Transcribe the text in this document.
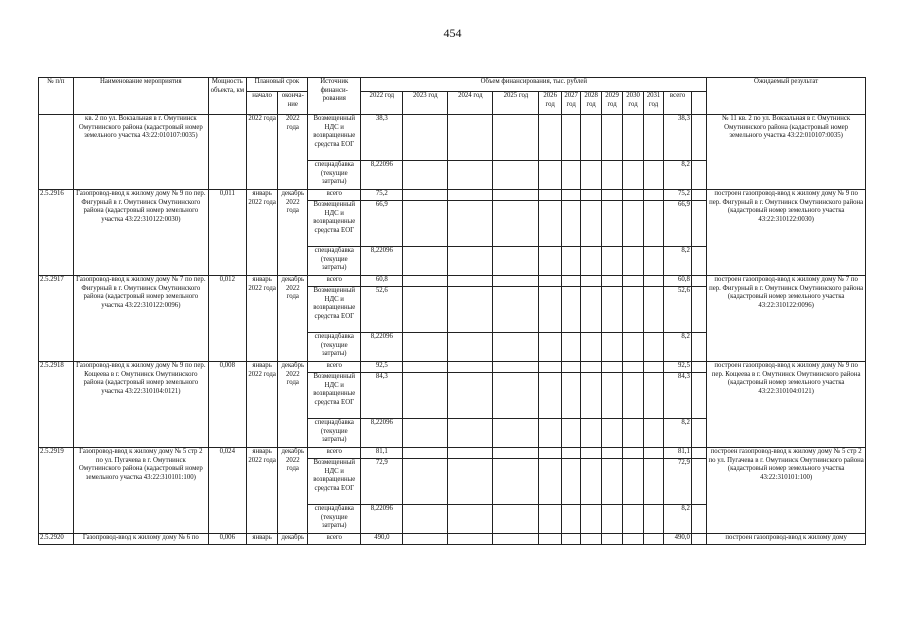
454
№ п/п	Наименование мероприятия	Мощность объекта, км	Плановый срок		Источник финанси-рования	Объем финансирования, тыс. рублей												Ожидаемый результат
			начало	оконча-ние		2022 год	2023 год	2024 год	2025 год	2026 год	2027 год	2028 год	2029 год	2030 год	2031 год	всего		
	кв. 2 по ул. Вокзальная в г. Омутнинск Омутнинского района (кадастровый номер земельного участка 43:22:010107:0035)		2022 года	2022 года	Возмещенный НДС и возвращенные средства ЕОГ	38,3										38,3		№ 11 кв. 2 по ул. Вокзальная в г. Омутнинск Омутнинского района (кадастровый номер земельного участка 43:22:010107:0035)
					спецнадбавка (текущие затраты)	8,22096										8,2		
2.5.2916	Газопровод-ввод к жилому дому № 9 по пер. Фигурный в г. Омутнинск Омутнинского района (кадастровый номер земельного участка 43:22:310122:0030)	0,011	январь 2022 года	декабрь 2022 года	всего	75,2										75,2		построен газопровод-ввод к жилому дому № 9 по пер. Фигурный в г. Омутнинск Омутнинского района (кадастровый номер земельного участка 43:22:310122:0030)
					Возмещенный НДС и возвращенные средства ЕОГ	66,9										66,9		
					спецнадбавка (текущие затраты)	8,22096										8,2		
2.5.2917	Газопровод-ввод к жилому дому № 7 по пер. Фигурный в г. Омутнинск Омутнинского района (кадастровый номер земельного участка 43:22:310122:0096)	0,012	январь 2022 года	декабрь 2022 года	всего	60,8										60,8		построен газопровод-ввод к жилому дому № 7 по пер. Фигурный в г. Омутнинск Омутнинского района (кадастровый номер земельного участка 43:22:310122:0096)
					Возмещенный НДС и возвращенные средства ЕОГ	52,6										52,6		
					спецнадбавка (текущие затраты)	8,22096										8,2		
2.5.2918	Газопровод-ввод к жилому дому № 9 по пер. Кощеева в г. Омутнинск Омутнинского района (кадастровый номер земельного участка 43:22:310104:0121)	0,008	январь 2022 года	декабрь 2022 года	всего	92,5										92,5		построен газопровод-ввод к жилому дому № 9 по пер. Кощеева в г. Омутнинск Омутнинского района (кадастровый номер земельного участка 43:22:310104:0121)
					Возмещенный НДС и возвращенные средства ЕОГ	84,3										84,3		
					спецнадбавка (текущие затраты)	8,22096										8,2		
2.5.2919	Газопровод-ввод к жилому дому № 5 стр 2 по ул. Пугачева в г. Омутнинск Омутнинского района (кадастровый номер земельного участка 43:22:310101:100)	0,024	январь 2022 года	декабрь 2022 года	всего	81,1										81,1		построен газопровод-ввод к жилому дому № 5 стр 2 по ул. Пугачева в г. Омутнинск Омутнинского района (кадастровый номер земельного участка 43:22:310101:100)
					Возмещенный НДС и возвращенные средства ЕОГ	72,9										72,9		
					спецнадбавка (текущие затраты)	8,22096										8,2		
2.5.2920	Газопровод-ввод к жилому дому № 6 по	0,006	январь	декабрь	всего	490,0										490,0		построен газопровод-ввод к жилому дому
